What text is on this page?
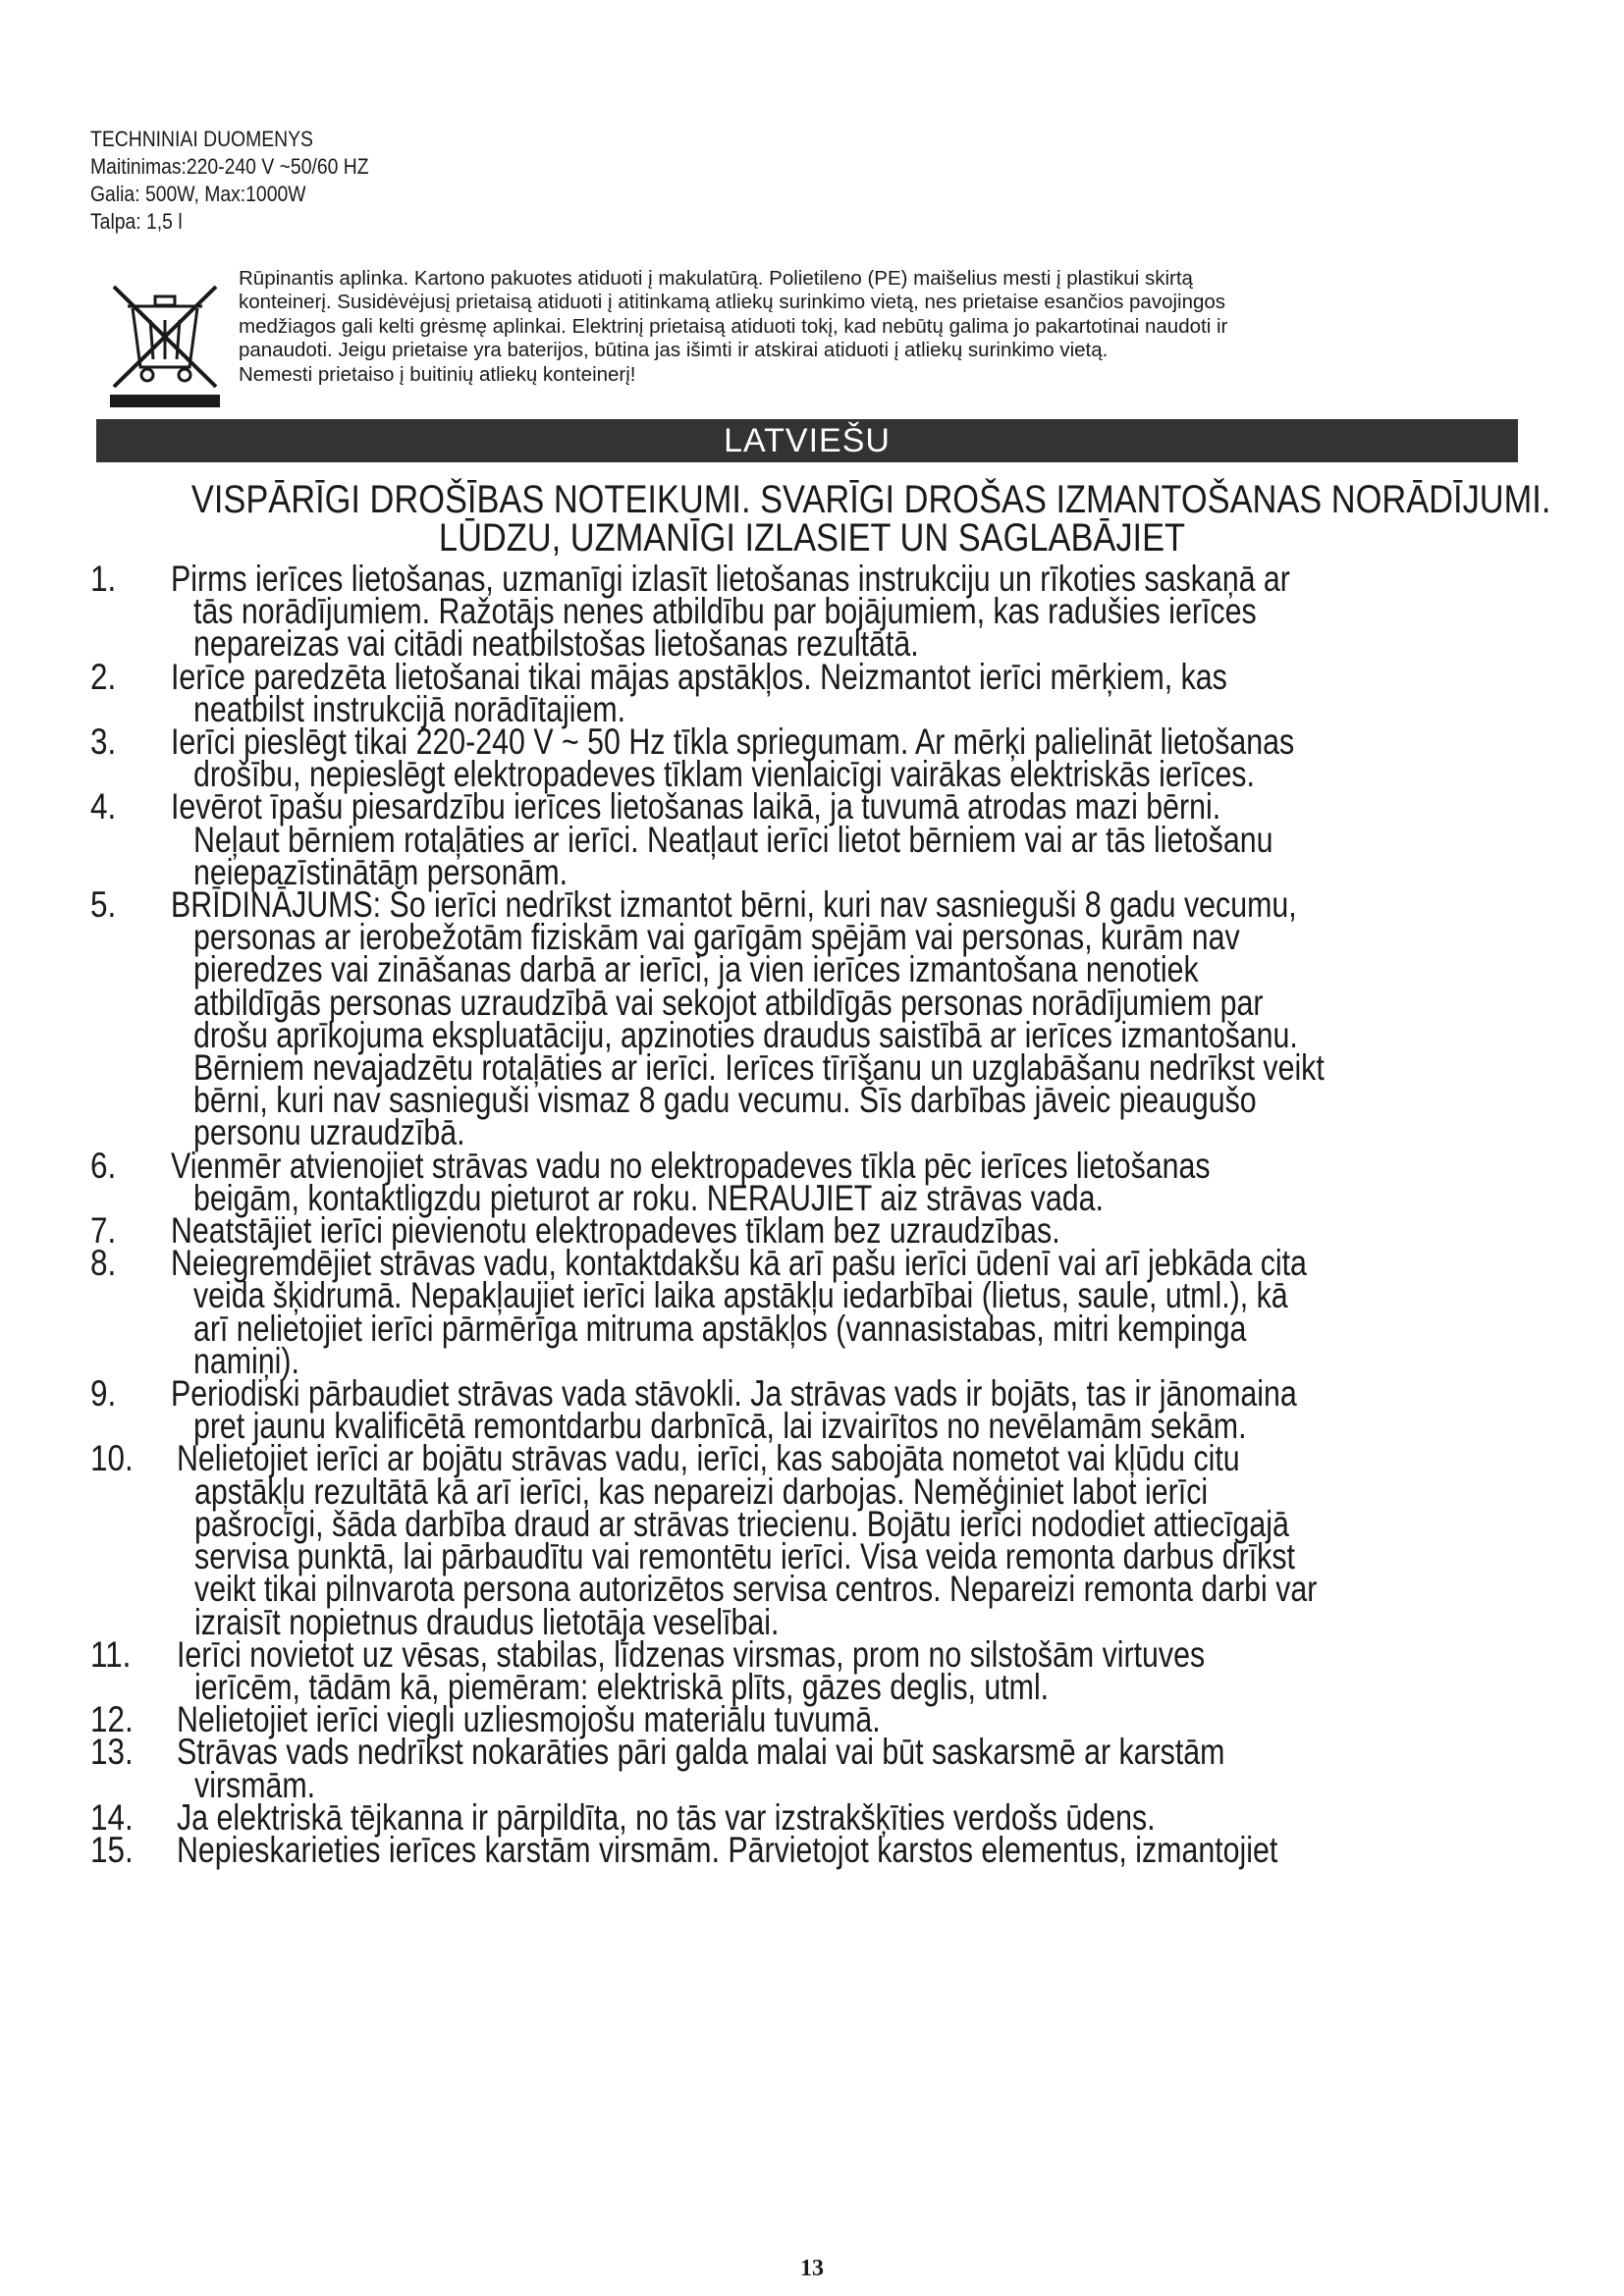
TECHNINIAI DUOMENYS
Maitinimas:220-240 V ~50/60 HZ
Galia: 500W, Max:1000W
Talpa: 1,5 l
Rūpinantis aplinka. Kartono pakuotes atiduoti į makulatūrą. Polietileno (PE) maišelius mesti į plastikui skirtą
konteinerį. Susidėvėjusį prietaisą atiduoti į atitinkamą atliekų surinkimo vietą, nes prietaise esančios pavojingos
medžiagos gali kelti grėsmę aplinkai. Elektrinį prietaisą atiduoti tokį, kad nebūtų galima jo pakartotinai naudoti ir
panaudoti. Jeigu prietaise yra baterijos, būtina jas išimti ir atskirai atiduoti į atliekų surinkimo vietą.
Nemesti prietaiso į buitinių atliekų konteinerį!
LATVIEŠU
VISPĀRĪGI DROŠĪBAS NOTEIKUMI. SVARĪGI DROŠAS IZMANTOŠANAS NORĀDĪJUMI.
LŪDZU, UZMANĪGI IZLASIET UN SAGLABĀJIET
1. Pirms ierīces lietošanas, uzmanīgi izlasīt lietošanas instrukciju un rīkoties saskaņā ar
tās norādījumiem. Ražotājs nenes atbildību par bojājumiem, kas radušies ierīces
nepareizas vai citādi neatbilstošas lietošanas rezultātā.
2. Ierīce paredzēta lietošanai tikai mājas apstākļos. Neizmantot ierīci mērķiem, kas
neatbilst instrukcijā norādītajiem.
3. Ierīci pieslēgt tikai 220-240 V ~ 50 Hz tīkla spriegumam. Ar mērķi palielināt lietošanas
drošību, nepieslēgt elektropadeves tīklam vienlaicīgi vairākas elektriskās ierīces.
4. Ievērot īpašu piesardzību ierīces lietošanas laikā, ja tuvumā atrodas mazi bērni.
Neļaut bērniem rotaļāties ar ierīci. Neatļaut ierīci lietot bērniem vai ar tās lietošanu
neiepazīstinātām personām.
5. BRĪDINĀJUMS: Šo ierīci nedrīkst izmantot bērni, kuri nav sasnieguši 8 gadu vecumu,
personas ar ierobežotām fiziskām vai garīgām spējām vai personas, kurām nav
pieredzes vai zināšanas darbā ar ierīci, ja vien ierīces izmantošana nenotiek
atbildīgās personas uzraudzībā vai sekojot atbildīgās personas norādījumiem par
drošu aprīkojuma ekspluatāciju, apzinoties draudus saistībā ar ierīces izmantošanu.
Bērniem nevajadzētu rotaļāties ar ierīci. Ierīces tīrīšanu un uzglabāšanu nedrīkst veikt
bērni, kuri nav sasnieguši vismaz 8 gadu vecumu. Šīs darbības jāveic pieaugušo
personu uzraudzībā.
6. Vienmēr atvienojiet strāvas vadu no elektropadeves tīkla pēc ierīces lietošanas
beigām, kontaktligzdu pieturot ar roku. NERAUJIET aiz strāvas vada.
7. Neatstājiet ierīci pievienotu elektropadeves tīklam bez uzraudzības.
8. Neiegremdējiet strāvas vadu, kontaktdakšu kā arī pašu ierīci ūdenī vai arī jebkāda cita
veida šķidrumā. Nepakļaujiet ierīci laika apstākļu iedarbībai (lietus, saule, utml.), kā
arī nelietojiet ierīci pārmērīga mitruma apstākļos (vannasistabas, mitri kempinga
namiņi).
9. Periodiski pārbaudiet strāvas vada stāvokli. Ja strāvas vads ir bojāts, tas ir jānomaina
pret jaunu kvalificētā remontdarbu darbnīcā, lai izvairītos no nevēlamām sekām.
10. Nelietojiet ierīci ar bojātu strāvas vadu, ierīci, kas sabojāta nometot vai kļūdu citu
apstākļu rezultātā kā arī ierīci, kas nepareizi darbojas. Neměģiniet labot ierīci
pašrocīgi, šāda darbība draud ar strāvas triecienu. Bojātu ierīci nododiet attiecīgajā
servisa punktā, lai pārbaudītu vai remontētu ierīci. Visa veida remonta darbus drīkst
veikt tikai pilnvarota persona autorizētos servisa centros. Nepareizi remonta darbi var
izraisīt nopietnus draudus lietotāja veselībai.
11. Ierīci novietot uz vēsas, stabilas, līdzenas virsmas, prom no silstošām virtuves
ierīcēm, tādām kā, piemēram: elektriskā plīts, gāzes deglis, utml.
12. Nelietojiet ierīci viegli uzliesmojošu materiālu tuvumā.
13. Strāvas vads nedrīkst nokarāties pāri galda malai vai būt saskarsmē ar karstām
virsmām.
14. Ja elektriskā tējkanna ir pārpildīta, no tās var izstrakšķīties verdošs ūdens.
15. Nepieskarieties ierīces karstām virsmām. Pārvietojot karstos elementus, izmantojiet
13
